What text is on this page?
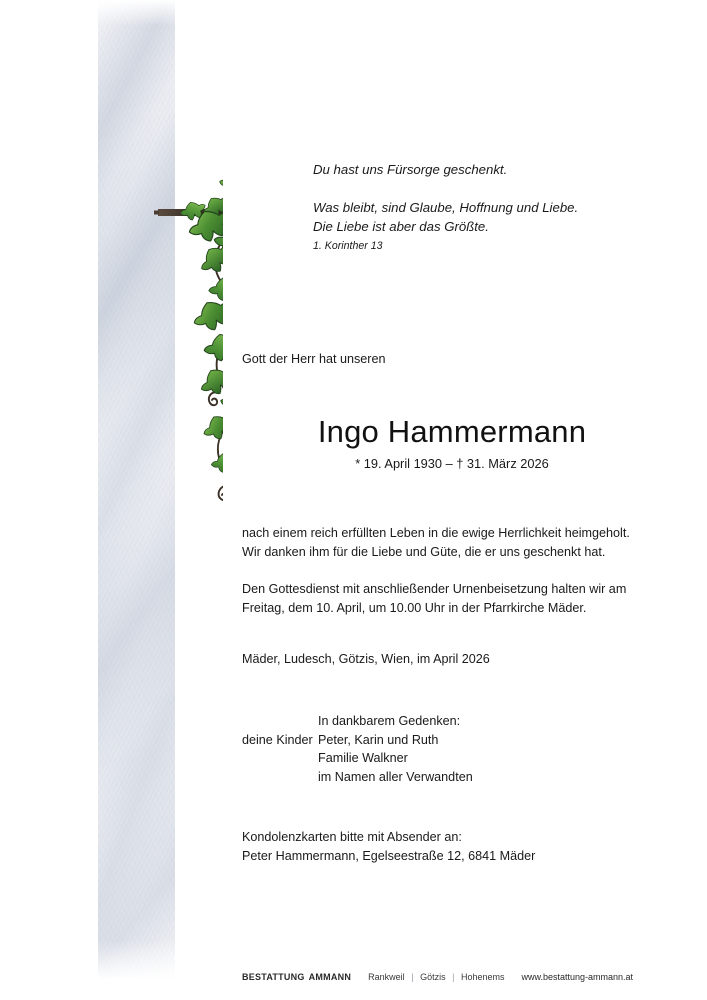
Du hast uns Fürsorge geschenkt.
Was bleibt, sind Glaube, Hoffnung und Liebe.
Die Liebe ist aber das Größte.
1. Korinther 13
Gott der Herr hat unseren
Ingo Hammermann
* 19. April 1930 – † 31. März 2026
nach einem reich erfüllten Leben in die ewige Herrlichkeit heimgeholt.
Wir danken ihm für die Liebe und Güte, die er uns geschenkt hat.
Den Gottesdienst mit anschließender Urnenbeisetzung halten wir am
Freitag, dem 10. April, um 10.00 Uhr in der Pfarrkirche Mäder.
Mäder, Ludesch, Götzis, Wien, im April 2026
In dankbarem Gedenken:
deine Kinder Peter, Karin und Ruth
Familie Walkner
im Namen aller Verwandten
Kondolenzkarten bitte mit Absender an:
Peter Hammermann, Egelseestraße 12, 6841 Mäder
BESTATTUNG AMMANN Rankweil | Götzis | Hohenems www.bestattung-ammann.at
